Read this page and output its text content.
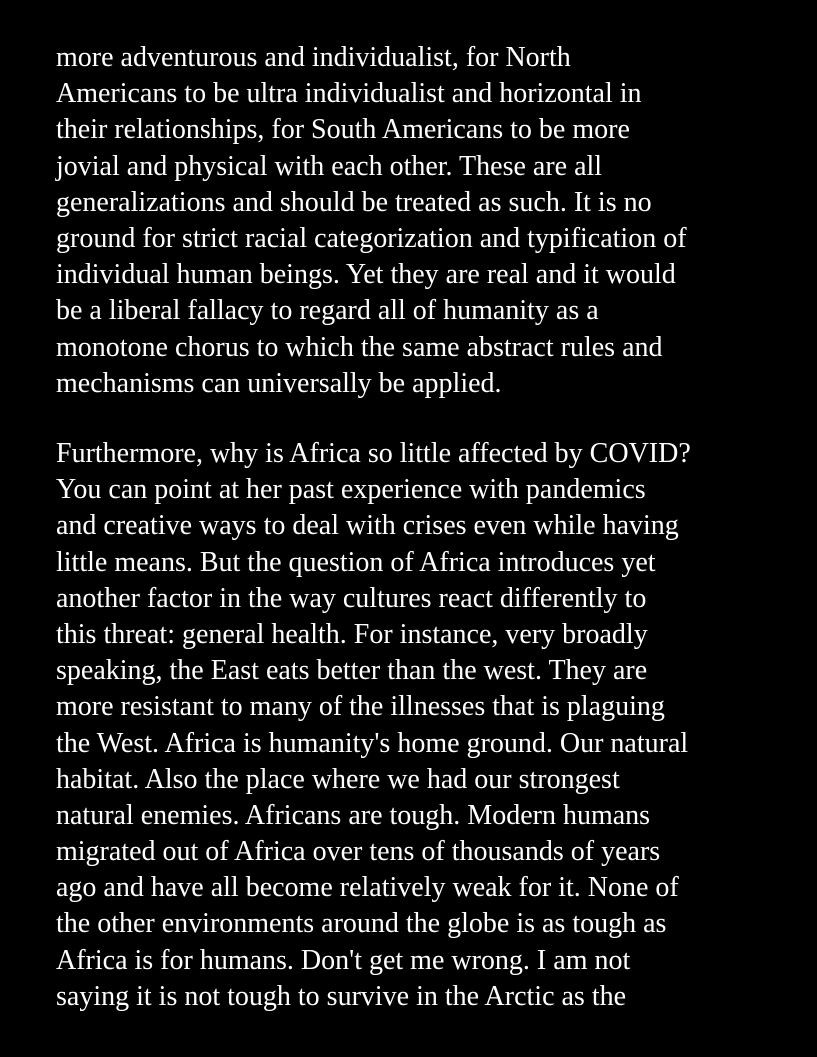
more adventurous and individualist, for North
Americans to be ultra individualist and horizontal in
their relationships, for South Americans to be more
jovial and physical with each other. These are all
generalizations and should be treated as such. It is no
ground for strict racial categorization and typification of
individual human beings. Yet they are real and it would
be a liberal fallacy to regard all of humanity as a
monotone chorus to which the same abstract rules and
mechanisms can universally be applied.
Furthermore, why is Africa so little affected by COVID?
You can point at her past experience with pandemics
and creative ways to deal with crises even while having
little means. But the question of Africa introduces yet
another factor in the way cultures react differently to
this threat: general health. For instance, very broadly
speaking, the East eats better than the west. They are
more resistant to many of the illnesses that is plaguing
the West. Africa is humanity's home ground. Our natural
habitat. Also the place where we had our strongest
natural enemies. Africans are tough. Modern humans
migrated out of Africa over tens of thousands of years
ago and have all become relatively weak for it. None of
the other environments around the globe is as tough as
Africa is for humans. Don't get me wrong. I am not
saying it is not tough to survive in the Arctic as the
